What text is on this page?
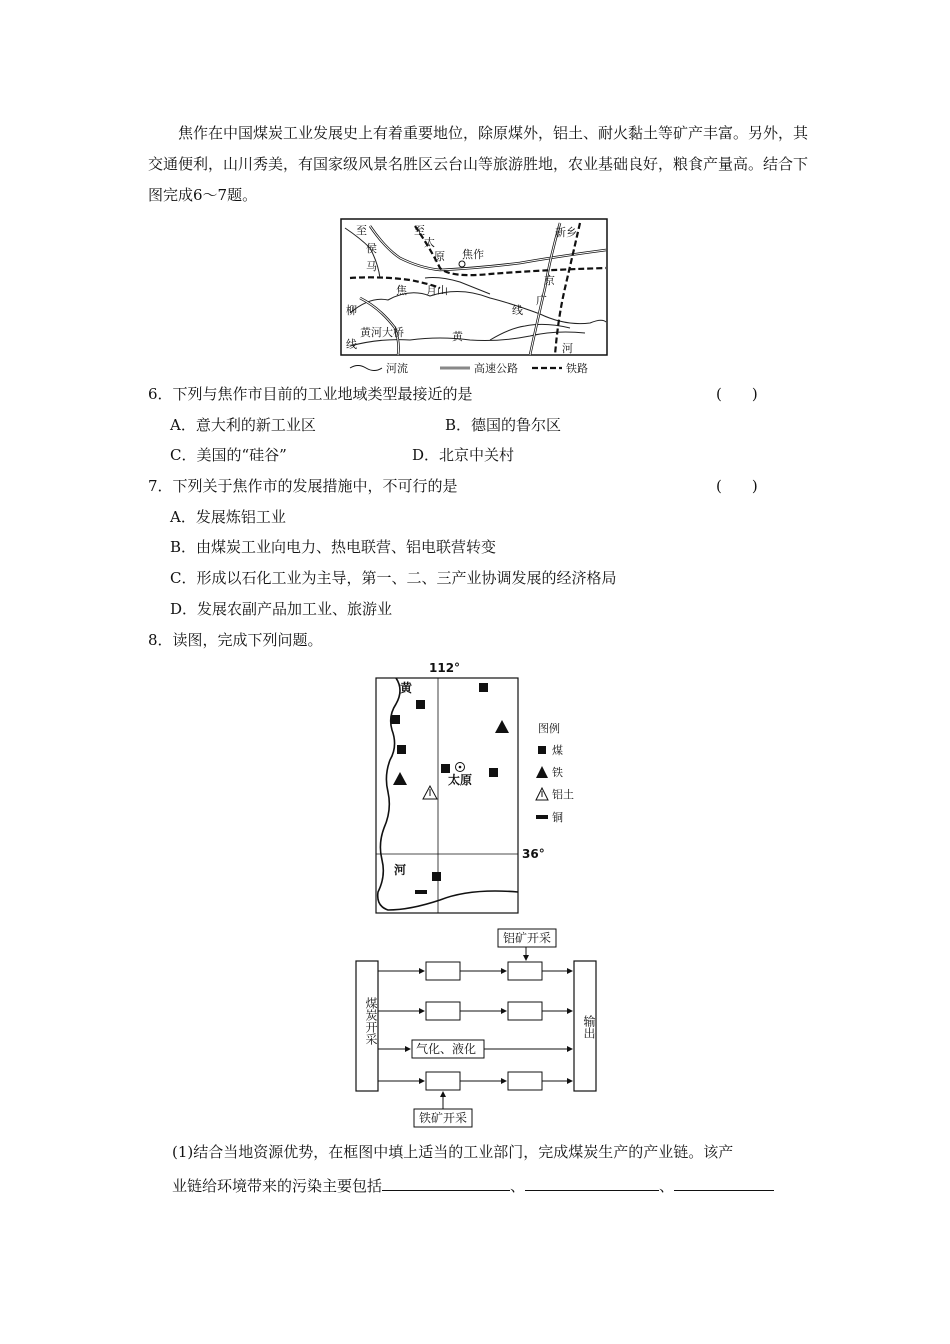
焦作在中国煤炭工业发展史上有着重要地位，除原煤外，铝土、耐火黏土等矿产丰富。另外，其交通便利，山川秀美，有国家级风景名胜区云台山等旅游胜地，农业基础良好，粮食产量高。结合下图完成6～7题。
至
侯
马
至
太
原 焦作
新乡
京
广
线
焦 月山
柳
黄河大桥
线
黄
河
河流	高速公路	铁路
6．下列与焦作市目前的工业地域类型最接近的是	(　　)
A．意大利的新工业区	B．德国的鲁尔区
C．美国的“硅谷”	D．北京中关村
7．下列关于焦作市的发展措施中，不可行的是	(　　)
A．发展炼铝工业
B．由煤炭工业向电力、热电联营、铝电联营转变
C．形成以石化工业为主导，第一、二、三产业协调发展的经济格局
D．发展农副产品加工业、旅游业
8．读图，完成下列问题。
112°
36°
黄
河
太原
图例
煤
铁
铝土
铜
煤炭开采	输出
铝矿开采
气化、液化
铁矿开采
(1)结合当地资源优势，在框图中填上适当的工业部门，完成煤炭生产的产业链。该产
业链给环境带来的污染主要包括	、	、
